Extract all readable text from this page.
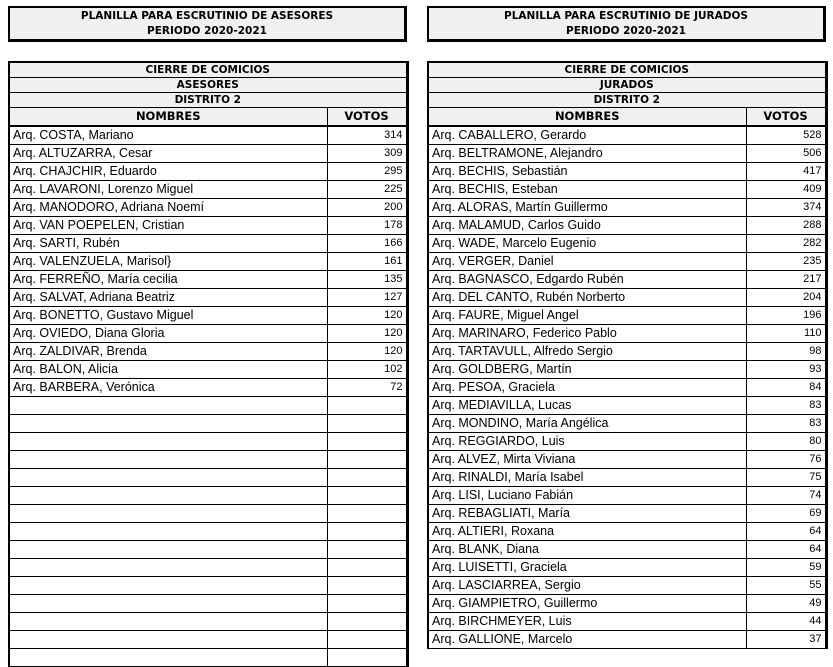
PLANILLA PARA ESCRUTINIO DE ASESORES
PERIODO 2020-2021
PLANILLA PARA ESCRUTINIO DE JURADOS
PERIODO 2020-2021
CIERRE DE COMICIOS	
ASESORES	
DISTRITO 2	
NOMBRES	VOTOS
Arq. COSTA, Mariano	314
Arq. ALTUZARRA, Cesar	309
Arq. CHAJCHIR, Eduardo	295
Arq. LAVARONI, Lorenzo Miguel	225
Arq. MANODORO, Adriana Noemí	200
Arq. VAN POEPELEN, Cristian	178
Arq. SARTI, Rubén	166
Arq. VALENZUELA, Marisol}	161
Arq. FERREÑO, María cecilia	135
Arq. SALVAT, Adriana Beatriz	127
Arq. BONETTO, Gustavo Miguel	120
Arq. OVIEDO, Diana Gloria	120
Arq. ZALDIVAR, Brenda	120
Arq. BALON, Alicia	102
Arq. BARBERA, Verónica	72

CIERRE DE COMICIOS	
JURADOS	
DISTRITO 2	
NOMBRES	VOTOS
Arq. CABALLERO, Gerardo	528
Arq. BELTRAMONE, Alejandro	506
Arq. BECHIS, Sebastián	417
Arq. BECHIS, Esteban	409
Arq. ALORAS, Martín Guillermo	374
Arq. MALAMUD, Carlos Guido	288
Arq. WADE, Marcelo Eugenio	282
Arq. VERGER, Daniel	235
Arq. BAGNASCO, Edgardo Rubén	217
Arq. DEL CANTO, Rubén Norberto	204
Arq. FAURE, Miguel Angel	196
Arq. MARINARO, Federico Pablo	110
Arq. TARTAVULL, Alfredo Sergio	98
Arq. GOLDBERG, Martín	93
Arq. PESOA, Graciela	84
Arq. MEDIAVILLA, Lucas	83
Arq. MONDINO, María Angélica	83
Arq. REGGIARDO, Luis	80
Arq. ALVEZ, Mirta Viviana	76
Arq. RINALDI, María Isabel	75
Arq. LISI, Luciano Fabián	74
Arq. REBAGLIATI, María	69
Arq. ALTIERI, Roxana	64
Arq. BLANK, Diana	64
Arq. LUISETTI, Graciela	59
Arq. LASCIARREA, Sergio	55
Arq. GIAMPIETRO, Guillermo	49
Arq. BIRCHMEYER, Luis	44
Arq. GALLIONE, Marcelo	37
